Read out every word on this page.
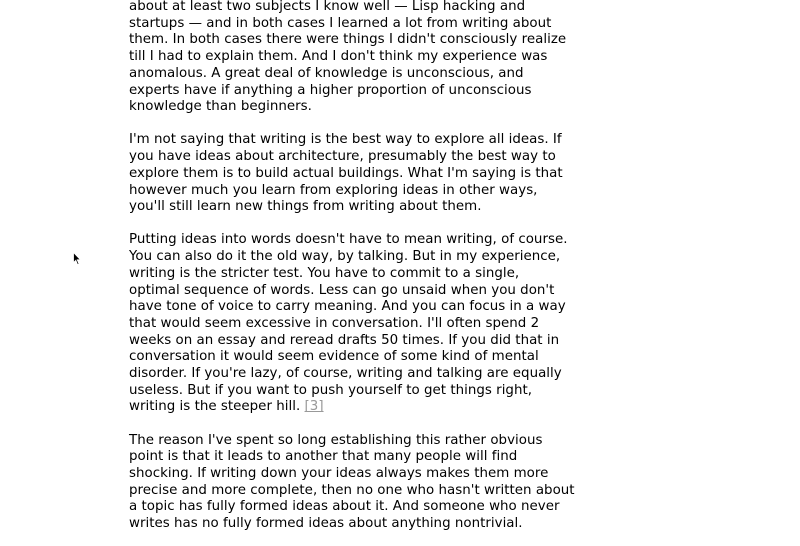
about at least two subjects I know well — Lisp hacking and
startups — and in both cases I learned a lot from writing about
them. In both cases there were things I didn't consciously realize
till I had to explain them. And I don't think my experience was
anomalous. A great deal of knowledge is unconscious, and
experts have if anything a higher proportion of unconscious
knowledge than beginners.

I'm not saying that writing is the best way to explore all ideas. If
you have ideas about architecture, presumably the best way to
explore them is to build actual buildings. What I'm saying is that
however much you learn from exploring ideas in other ways,
you'll still learn new things from writing about them.

Putting ideas into words doesn't have to mean writing, of course.
You can also do it the old way, by talking. But in my experience,
writing is the stricter test. You have to commit to a single,
optimal sequence of words. Less can go unsaid when you don't
have tone of voice to carry meaning. And you can focus in a way
that would seem excessive in conversation. I'll often spend 2
weeks on an essay and reread drafts 50 times. If you did that in
conversation it would seem evidence of some kind of mental
disorder. If you're lazy, of course, writing and talking are equally
useless. But if you want to push yourself to get things right,
writing is the steeper hill. [3]

The reason I've spent so long establishing this rather obvious
point is that it leads to another that many people will find
shocking. If writing down your ideas always makes them more
precise and more complete, then no one who hasn't written about
a topic has fully formed ideas about it. And someone who never
writes has no fully formed ideas about anything nontrivial.
